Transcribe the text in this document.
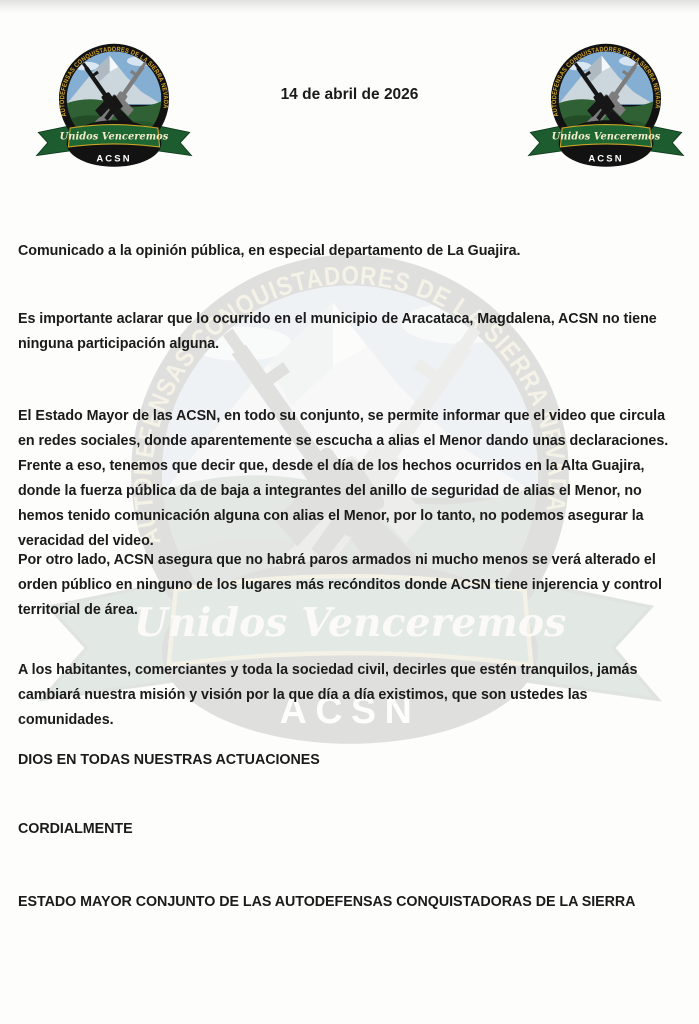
14 de abril de 2026

Comunicado a la opinión pública, en especial departamento de La Guajira.

Es importante aclarar que lo ocurrido en el municipio de Aracataca, Magdalena, ACSN no tiene ninguna participación alguna.

El Estado Mayor de las ACSN, en todo su conjunto, se permite informar que el video que circula en redes sociales, donde aparentemente se escucha a alias el Menor dando unas declaraciones. Frente a eso, tenemos que decir que, desde el día de los hechos ocurridos en la Alta Guajira, donde la fuerza pública da de baja a integrantes del anillo de seguridad de alias el Menor, no hemos tenido comunicación alguna con alias el Menor, por lo tanto, no podemos asegurar la veracidad del video.

Por otro lado, ACSN asegura que no habrá paros armados ni mucho menos se verá alterado el orden público en ninguno de los lugares más recónditos donde ACSN tiene injerencia y control territorial de área.

A los habitantes, comerciantes y toda la sociedad civil, decirles que estén tranquilos, jamás cambiará nuestra misión y visión por la que día a día existimos, que son ustedes las comunidades.

DIOS EN TODAS NUESTRAS ACTUACIONES

CORDIALMENTE

ESTADO MAYOR CONJUNTO DE LAS AUTODEFENSAS CONQUISTADORAS DE LA SIERRA
